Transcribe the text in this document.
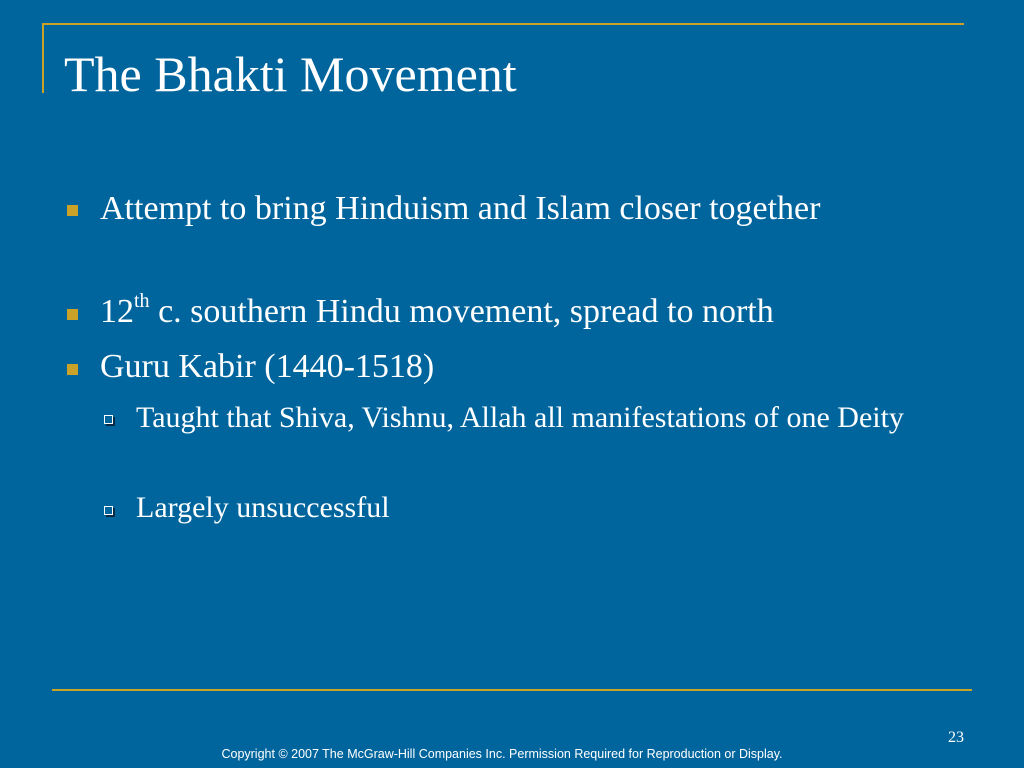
The Bhakti Movement
Attempt to bring Hinduism and Islam closer together
12th c. southern Hindu movement, spread to north
Guru Kabir (1440-1518)
Taught that Shiva, Vishnu, Allah all manifestations of one Deity
Largely unsuccessful
23
Copyright © 2007 The McGraw-Hill Companies Inc. Permission Required for Reproduction or Display.
